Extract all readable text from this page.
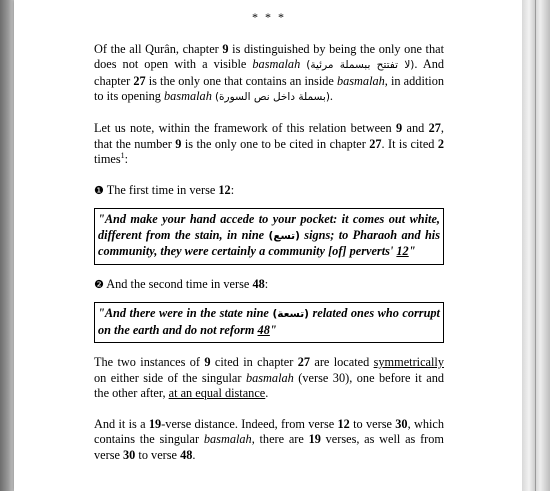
* * *

Of the all Qurân, chapter 9 is distinguished by being the only one that does not open with a visible basmalah (لا تفتتح ببسملة مرئية). And chapter 27 is the only one that contains an inside basmalah, in addition to its opening basmalah (بسملة داخل نص السورة).

Let us note, within the framework of this relation between 9 and 27, that the number 9 is the only one to be cited in chapter 27. It is cited 2 times$^1$:

❶ The first time in verse 12:

"And make your hand accede to your pocket: it comes out white, different from the stain, in nine (تسع) signs; to Pharaoh and his community, they were certainly a community [of] perverts' 12"

❷ And the second time in verse 48:

"And there were in the state nine (تسعة) related ones who corrupt on the earth and do not reform 48"

The two instances of 9 cited in chapter 27 are located symmetrically on either side of the singular basmalah (verse 30), one before it and the other after, at an equal distance.

And it is a 19-verse distance. Indeed, from verse 12 to verse 30, which contains the singular basmalah, there are 19 verses, as well as from verse 30 to verse 48.
